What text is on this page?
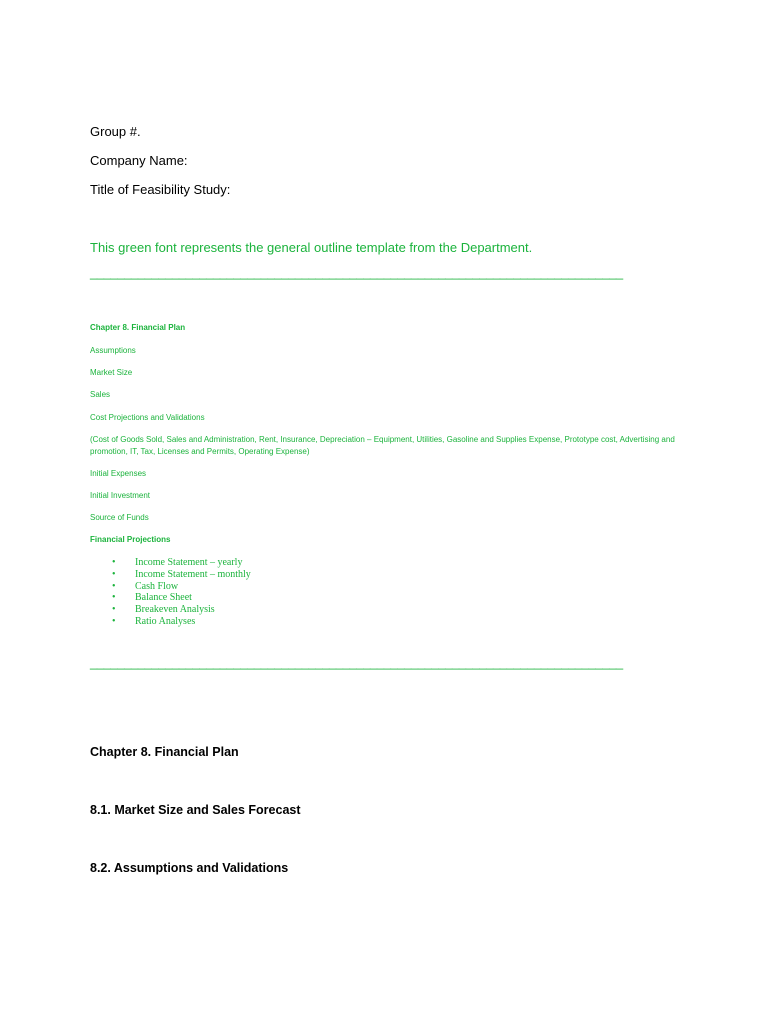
Group #.
Company Name:
Title of Feasibility Study:
This green font represents the general outline template from the Department.
______________________________________________________________________________
Chapter 8. Financial Plan
Assumptions
Market Size
Sales
Cost Projections and Validations
(Cost of Goods Sold, Sales and Administration, Rent, Insurance, Depreciation – Equipment, Utilities, Gasoline and Supplies Expense, Prototype cost, Advertising and promotion, IT, Tax, Licenses and Permits, Operating Expense)
Initial Expenses
Initial Investment
Source of Funds
Financial Projections
• Income Statement – yearly
• Income Statement – monthly
• Cash Flow
• Balance Sheet
• Breakeven Analysis
• Ratio Analyses
______________________________________________________________________________
Chapter 8. Financial Plan
8.1. Market Size and Sales Forecast
8.2. Assumptions and Validations
